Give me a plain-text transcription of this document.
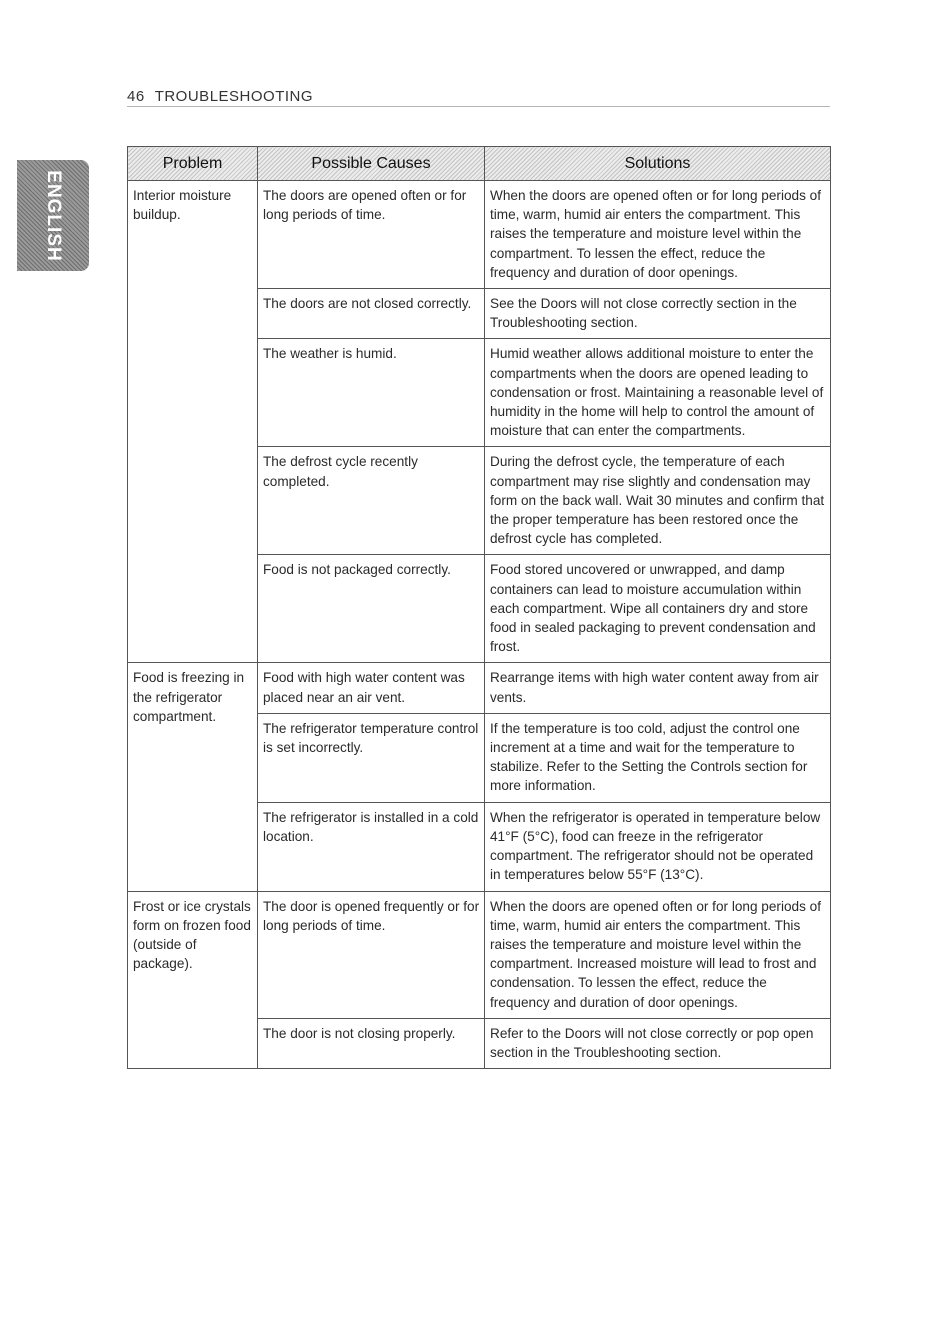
46 TROUBLESHOOTING
ENGLISH
Problem	Possible Causes	Solutions
Interior moisture buildup.	The doors are opened often or for long periods of time.	When the doors are opened often or for long periods of time, warm, humid air enters the compartment. This raises the temperature and moisture level within the compartment. To lessen the effect, reduce the frequency and duration of door openings.
	The doors are not closed correctly.	See the Doors will not close correctly section in the Troubleshooting section.
	The weather is humid.	Humid weather allows additional moisture to enter the compartments when the doors are opened leading to condensation or frost. Maintaining a reasonable level of humidity in the home will help to control the amount of moisture that can enter the compartments.
	The defrost cycle recently completed.	During the defrost cycle, the temperature of each compartment may rise slightly and condensation may form on the back wall. Wait 30 minutes and confirm that the proper temperature has been restored once the defrost cycle has completed.
	Food is not packaged correctly.	Food stored uncovered or unwrapped, and damp containers can lead to moisture accumulation within each compartment. Wipe all containers dry and store food in sealed packaging to prevent condensation and frost.
Food is freezing in the refrigerator compartment.	Food with high water content was placed near an air vent.	Rearrange items with high water content away from air vents.
	The refrigerator temperature control is set incorrectly.	If the temperature is too cold, adjust the control one increment at a time and wait for the temperature to stabilize. Refer to the Setting the Controls section for more information.
	The refrigerator is installed in a cold location.	When the refrigerator is operated in temperature below 41°F (5°C), food can freeze in the refrigerator compartment. The refrigerator should not be operated in temperatures below 55°F (13°C).
Frost or ice crystals form on frozen food (outside of package).	The door is opened frequently or for long periods of time.	When the doors are opened often or for long periods of time, warm, humid air enters the compartment. This raises the temperature and moisture level within the compartment. Increased moisture will lead to frost and condensation. To lessen the effect, reduce the frequency and duration of door openings.
	The door is not closing properly.	Refer to the Doors will not close correctly or pop open section in the Troubleshooting section.
